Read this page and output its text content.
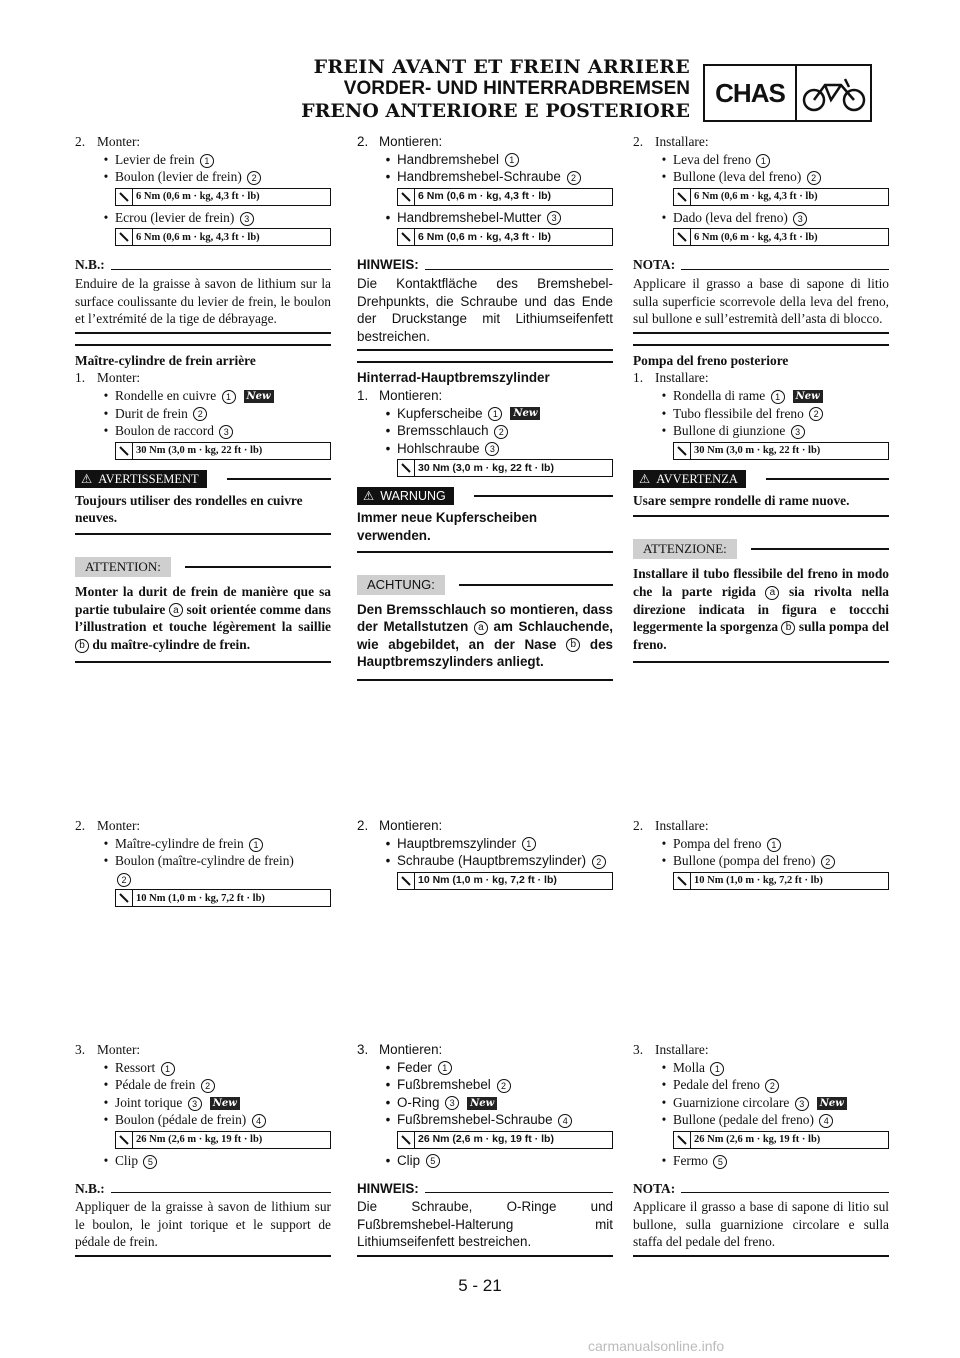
FREIN AVANT ET FREIN ARRIERE
VORDER- UND HINTERRADBREMSEN
FRENO ANTERIORE E POSTERIORE
CHAS
2. Monter:
• Levier de frein 1
• Boulon (levier de frein) 2
6 Nm (0,6 m · kg, 4,3 ft · lb)
• Ecrou (levier de frein) 3
6 Nm (0,6 m · kg, 4,3 ft · lb)
N.B.:
Enduire de la graisse à savon de lithium sur la surface coulissante du levier de frein, le boulon et l’extrémité de la tige de débrayage.
Maître-cylindre de frein arrière
1. Monter:
• Rondelle en cuivre 1 New
• Durit de frein 2
• Boulon de raccord 3
30 Nm (3,0 m · kg, 22 ft · lb)
⚠ AVERTISSEMENT
Toujours utiliser des rondelles en cuivre neuves.
ATTENTION:
Monter la durit de frein de manière que sa partie tubulaire a soit orientée comme dans l’illustration et touche légèrement la saillie b du maître-cylindre de frein.
2. Monter:
• Maître-cylindre de frein 1
• Boulon (maître-cylindre de frein)
2
10 Nm (1,0 m · kg, 7,2 ft · lb)
3. Monter:
• Ressort 1
• Pédale de frein 2
• Joint torique 3 New
• Boulon (pédale de frein) 4
26 Nm (2,6 m · kg, 19 ft · lb)
• Clip 5
N.B.:
Appliquer de la graisse à savon de lithium sur le boulon, le joint torique et le support de pédale de frein.
2. Montieren:
• Handbremshebel 1
• Handbremshebel-Schraube 2
6 Nm (0,6 m · kg, 4,3 ft · lb)
• Handbremshebel-Mutter 3
6 Nm (0,6 m · kg, 4,3 ft · lb)
HINWEIS:
Die Kontaktfläche des Bremshebel-Drehpunkts, die Schraube und das Ende der Druckstange mit Lithiumseifenfett bestreichen.
Hinterrad-Hauptbremszylinder
1. Montieren:
• Kupferscheibe 1 New
• Bremsschlauch 2
• Hohlschraube 3
30 Nm (3,0 m · kg, 22 ft · lb)
⚠ WARNUNG
Immer neue Kupferscheiben verwenden.
ACHTUNG:
Den Bremsschlauch so montieren, dass der Metallstutzen a am Schlauchende, wie abgebildet, an der Nase b des Hauptbremszylinders anliegt.
2. Montieren:
• Hauptbremszylinder 1
• Schraube (Hauptbremszylinder) 2
10 Nm (1,0 m · kg, 7,2 ft · lb)
3. Montieren:
• Feder 1
• Fußbremshebel 2
• O-Ring 3 New
• Fußbremshebel-Schraube 4
26 Nm (2,6 m · kg, 19 ft · lb)
• Clip 5
HINWEIS:
Die Schraube, O-Ringe und Fußbremshebel-Halterung mit Lithiumseifenfett bestreichen.
2. Installare:
• Leva del freno 1
• Bullone (leva del freno) 2
6 Nm (0,6 m · kg, 4,3 ft · lb)
• Dado (leva del freno) 3
6 Nm (0,6 m · kg, 4,3 ft · lb)
NOTA:
Applicare il grasso a base di sapone di litio sulla superficie scorrevole della leva del freno, sul bullone e sull’estremità dell’asta di blocco.
Pompa del freno posteriore
1. Installare:
• Rondella di rame 1 New
• Tubo flessibile del freno 2
• Bullone di giunzione 3
30 Nm (3,0 m · kg, 22 ft · lb)
⚠ AVVERTENZA
Usare sempre rondelle di rame nuove.
ATTENZIONE:
Installare il tubo flessibile del freno in modo che la parte rigida a sia rivolta nella direzione indicata in figura e toccchi leggermente la sporgenza b sulla pompa del freno.
2. Installare:
• Pompa del freno 1
• Bullone (pompa del freno) 2
10 Nm (1,0 m · kg, 7,2 ft · lb)
3. Installare:
• Molla 1
• Pedale del freno 2
• Guarnizione circolare 3 New
• Bullone (pedale del freno) 4
26 Nm (2,6 m · kg, 19 ft · lb)
• Fermo 5
NOTA:
Applicare il grasso a base di sapone di litio sul bullone, sulla guarnizione circolare e sulla staffa del pedale del freno.
5 - 21
carmanualsonline.info
